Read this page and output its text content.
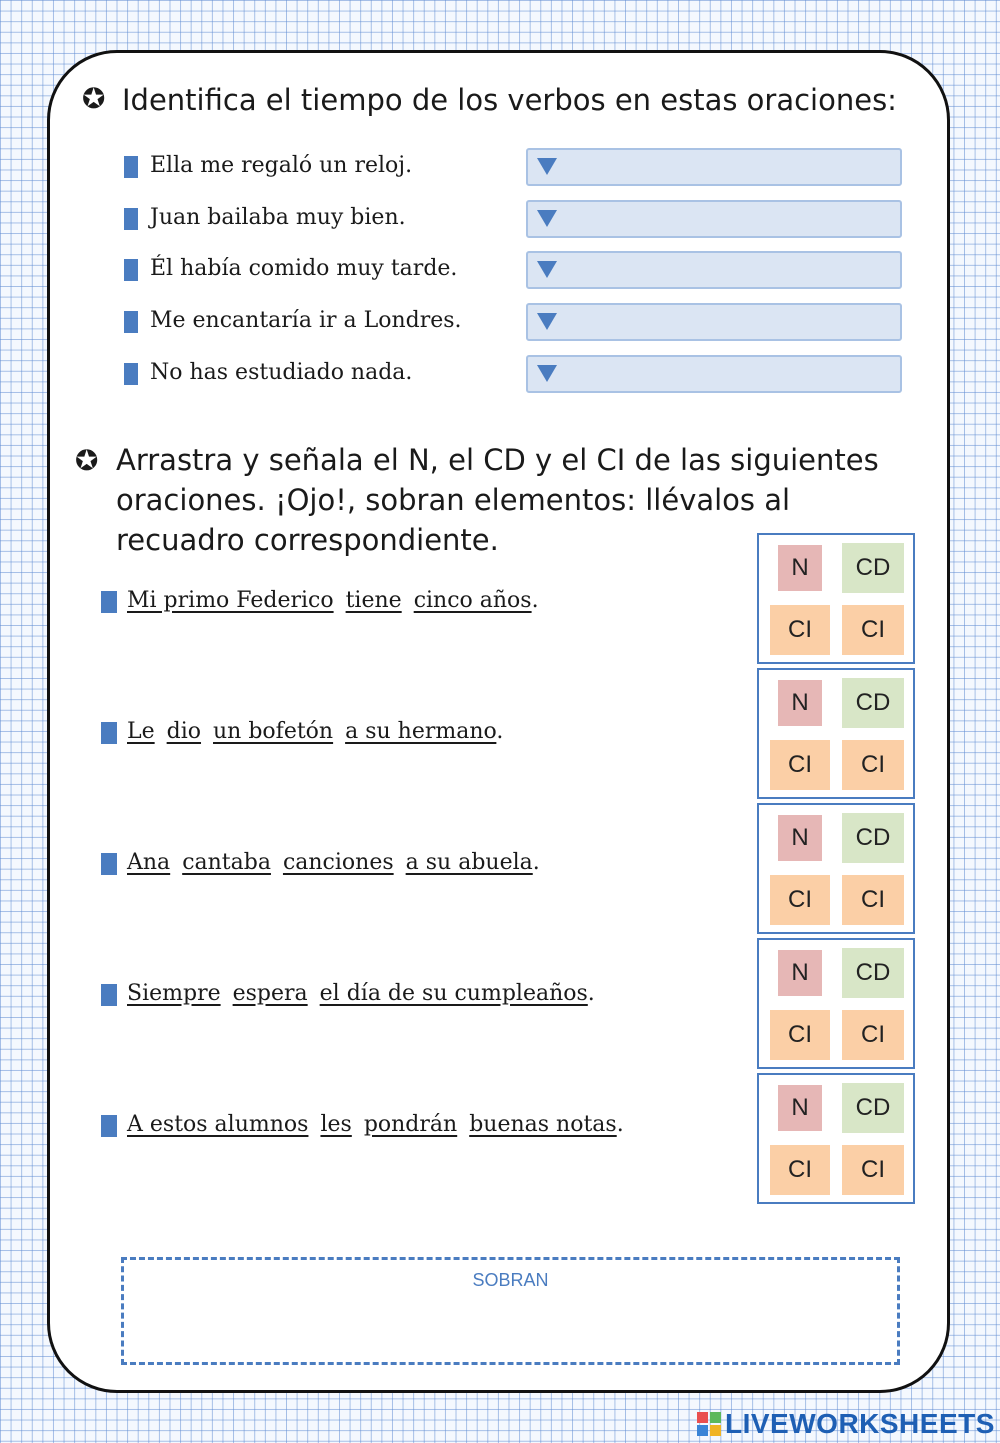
✪ Identifica el tiempo de los verbos en estas oraciones:
Ella me regaló un reloj.
Juan bailaba muy bien.
Él había comido muy tarde.
Me encantaría ir a Londres.
No has estudiado nada.
✪ Arrastra y señala el N, el CD y el CI de las siguientes oraciones. ¡Ojo!, sobran elementos: llévalos al recuadro correspondiente.
Mi primo Federico tiene cinco años.
N	CD
CI	CI
Le dio un bofetón a su hermano.
N	CD
CI	CI
Ana cantaba canciones a su abuela.
N	CD
CI	CI
Siempre espera el día de su cumpleaños.
N	CD
CI	CI
A estos alumnos les pondrán buenas notas.
N	CD
CI	CI
SOBRAN
LIVEWORKSHEETS
